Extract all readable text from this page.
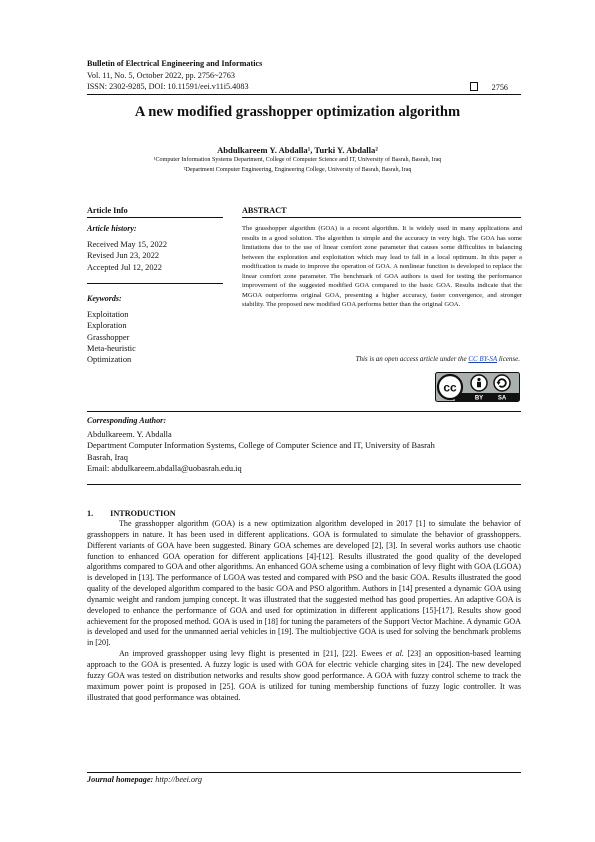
Bulletin of Electrical Engineering and Informatics
Vol. 11, No. 5, October 2022, pp. 2756~2763
ISSN: 2302-9285, DOI: 10.11591/eei.v11i5.4083	2756
A new modified grasshopper optimization algorithm
Abdulkareem Y. Abdalla¹, Turki Y. Abdalla²
¹Computer Information Systems Department, College of Computer Science and IT, University of Basrah, Basrah, Iraq
²Department Computer Engineering, Engineering College, University of Basrah, Basrah, Iraq
Article Info
Article history:
Received May 15, 2022
Revised Jun 23, 2022
Accepted Jul 12, 2022
Keywords:
Exploitation
Exploration
Grasshopper
Meta-heuristic
Optimization
ABSTRACT
The grasshopper algorithm (GOA) is a recent algorithm. It is widely used in many applications and results in a good solution. The algorithm is simple and the accuracy in very high. The GOA has some limitations due to the use of linear comfort zone parameter that causes some difficulties in balancing between the exploration and exploitation which may lead to fall in a local optimum. In this paper a modification is made to improve the operation of GOA. A nonlinear function is developed to replace the linear comfort zone parameter. The benchmark of GOA authors is used for testing the performance improvement of the suggested modified GOA compared to the basic GOA. Results indicate that the MGOA outperforms original GOA, presenting a higher accuracy, faster convergence, and stronger stability. The proposed new modified GOA performs better than the original GOA.
This is an open access article under the CC BY-SA license.
cc
BY SA
Corresponding Author:
Abdulkareem. Y. Abdalla
Department Computer Information Systems, College of Computer Science and IT, University of Basrah
Basrah, Iraq
Email: abdulkareem.abdalla@uobasrah.edu.iq
1. INTRODUCTION

The grasshopper algorithm (GOA) is a new optimization algorithm developed in 2017 [1] to simulate the behavior of grasshoppers in nature. It has been used in different applications. GOA is formulated to simulate the behavior of grasshoppers. Different variants of GOA have been suggested. Binary GOA schemes are developed [2], [3]. In several works authors use chaotic function to enhanced GOA operation for different applications [4]-[12]. Results illustrated the good quality of the developed algorithms compared to GOA and other algorithms. An enhanced GOA scheme using a combination of levy flight with GOA (LGOA) is developed in [13]. The performance of LGOA was tested and compared with PSO and the basic GOA. Results illustrated the good quality of the developed algorithm compared to the basic GOA and PSO algorithm. Authors in [14] presented a dynamic GOA using dynamic weight and random jumping concept. It was illustrated that the suggested method has good properties. An adaptive GOA is developed to enhance the performance of GOA and used for optimization in different applications [15]-[17]. Results show good achievement for the proposed method. GOA is used in [18] for tuning the parameters of the Support Vector Machine. A dynamic GOA is developed and used for the unmanned aerial vehicles in [19]. The multiobjective GOA is used for solving the benchmark problems in [20].

An improved grasshopper using levy flight is presented in [21], [22]. Ewees et al. [23] an opposition-based learning approach to the GOA is presented. A fuzzy logic is used with GOA for electric vehicle charging sites in [24]. The new developed fuzzy GOA was tested on distribution networks and results show good performance. A GOA with fuzzy control scheme to track the maximum power point is proposed in [25]. GOA is utilized for tuning membership functions of fuzzy logic controller. It was illustrated that good performance was obtained.

Journal homepage: http://beei.org
